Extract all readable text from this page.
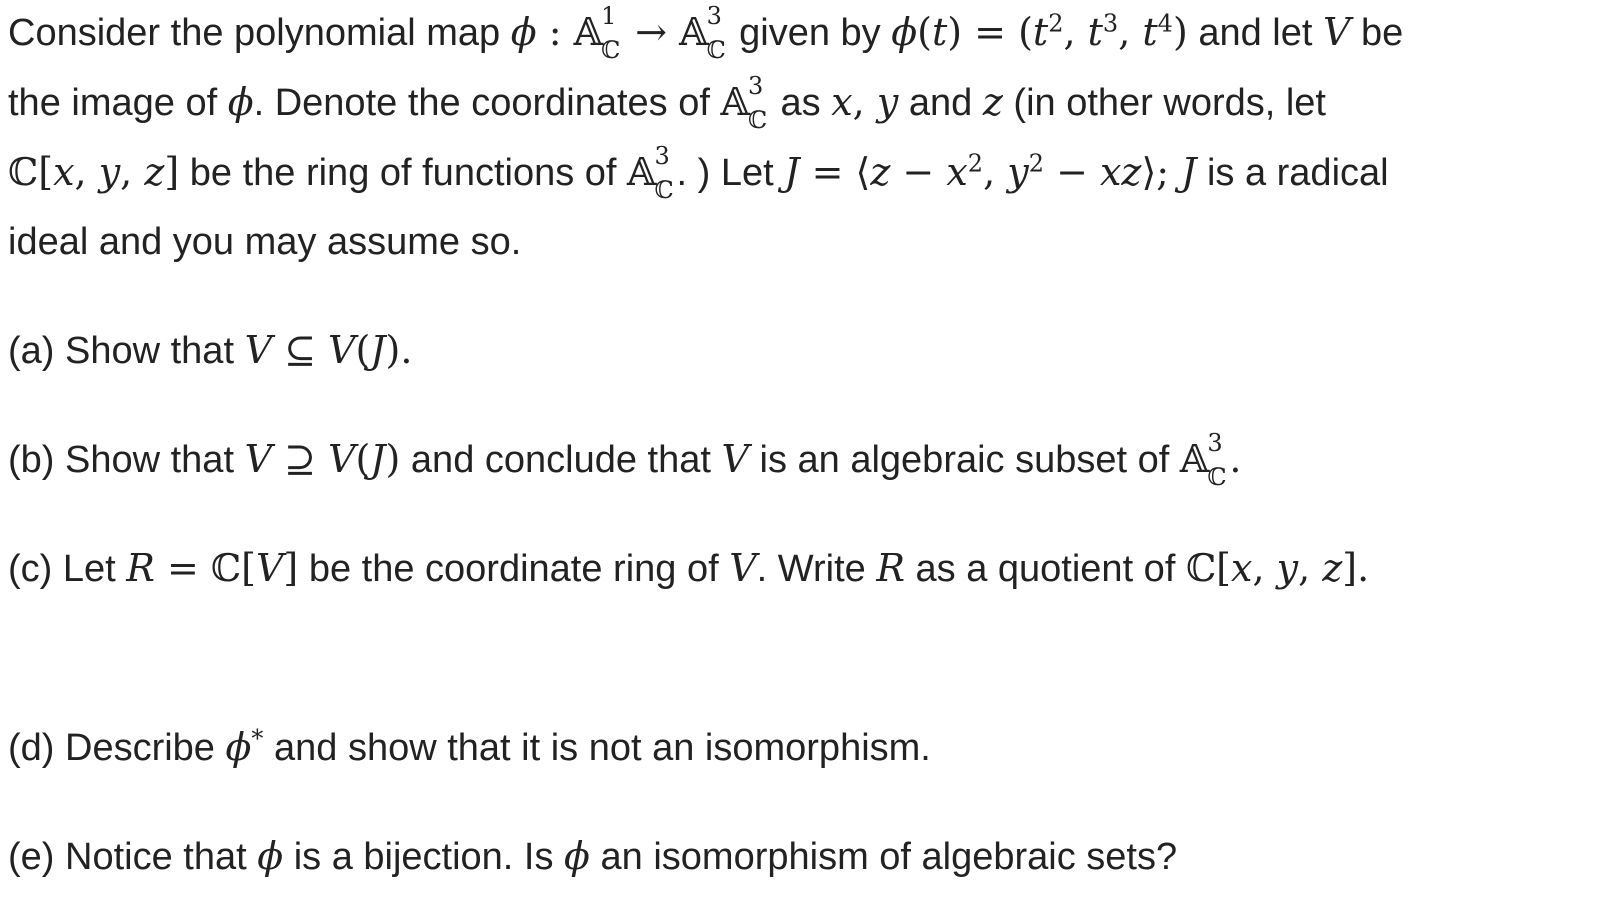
Consider the polynomial map ϕ : 𝔸
1
ℂ → 𝔸
3
ℂ given by $\phi(t) = (t^2$, $t^3$, $t^4$) and let V be
the image of ϕ. Denote the coordinates of 𝔸
3
ℂ as x, y and z (in other words, let
ℂ[x, y, z] be the ring of functions of 𝔸
3
ℂ . ) Let J = ⟨z − $x^2$, $y^2$ − xz⟩; J is a radical
ideal and you may assume so.
(a) Show that V ⊆ V(J).
(b) Show that V ⊇ V(J) and conclude that V is an algebraic subset of 𝔸
3
ℂ .
(c) Let R = ℂ[V] be the coordinate ring of V. Write R as a quotient of ℂ[x, y, z].
(d) Describe ϕ* and show that it is not an isomorphism.
(e) Notice that ϕ is a bijection. Is ϕ an isomorphism of algebraic sets?
